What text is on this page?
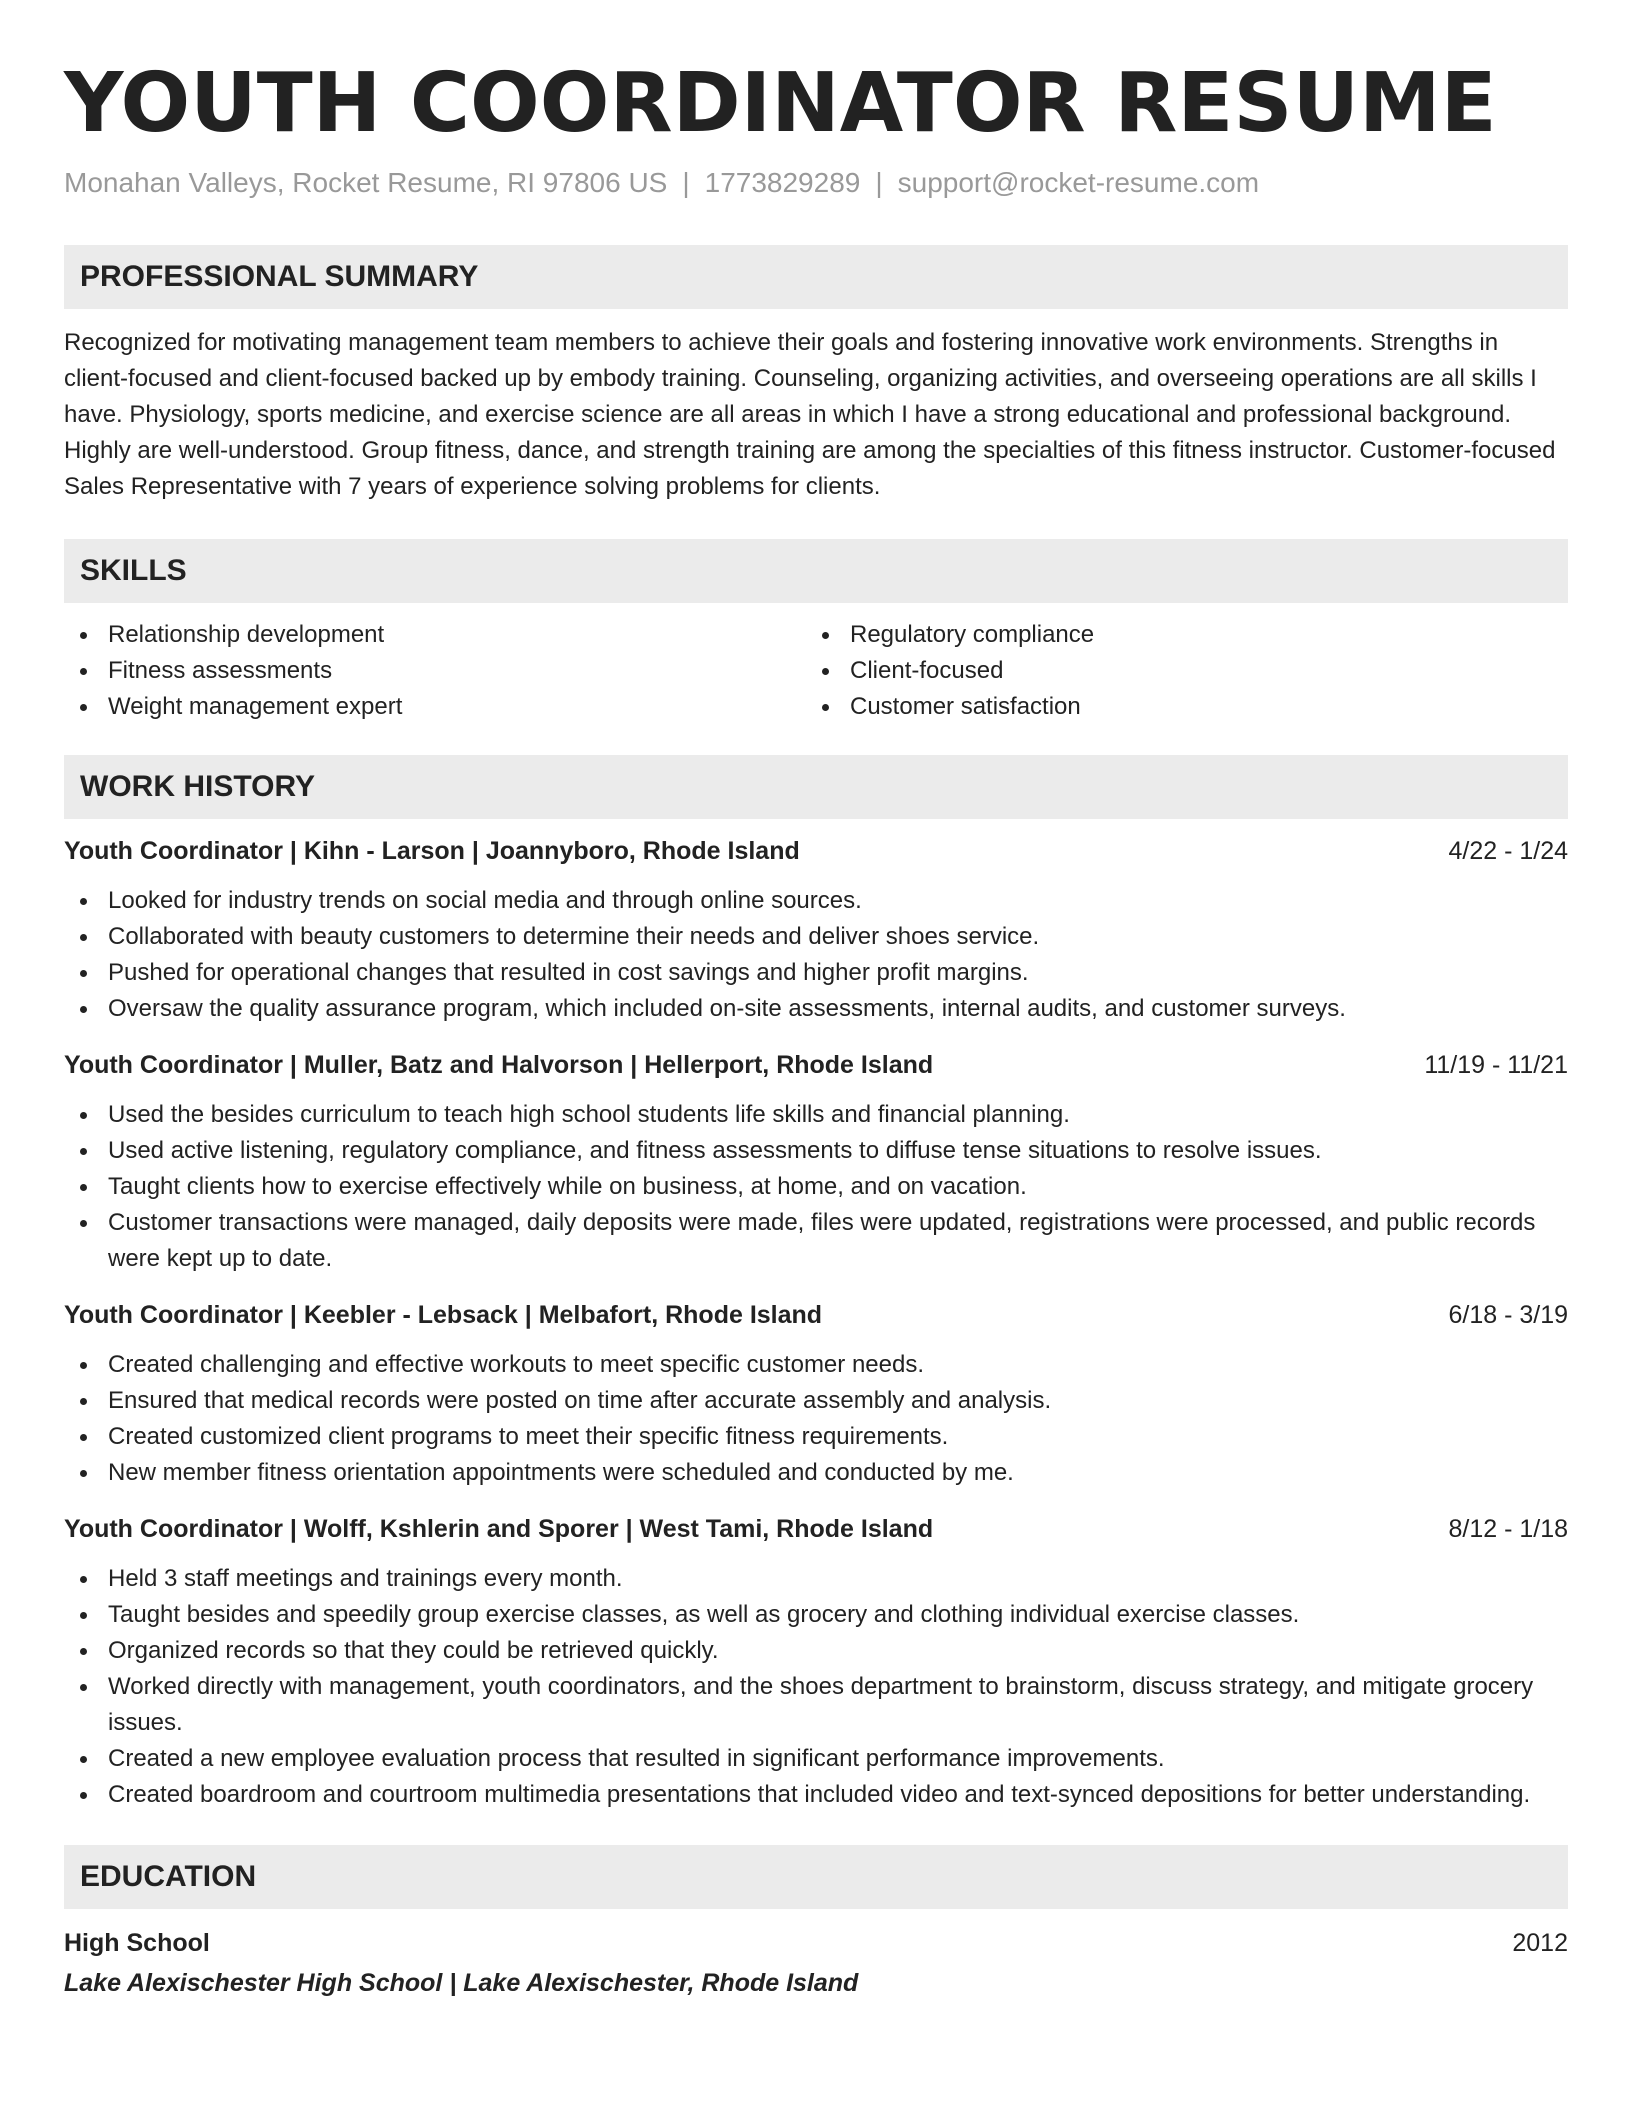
YOUTH COORDINATOR RESUME
Monahan Valleys, Rocket Resume, RI 97806 US | 1773829289 | support@rocket-resume.com
PROFESSIONAL SUMMARY

Recognized for motivating management team members to achieve their goals and fostering innovative work environments. Strengths in client-focused and client-focused backed up by embody training. Counseling, organizing activities, and overseeing operations are all skills I have. Physiology, sports medicine, and exercise science are all areas in which I have a strong educational and professional background. Highly are well-understood. Group fitness, dance, and strength training are among the specialties of this fitness instructor. Customer-focused Sales Representative with 7 years of experience solving problems for clients.

SKILLS
Relationship development
Fitness assessments
Weight management expert
Regulatory compliance
Client-focused
Customer satisfaction
WORK HISTORY
Youth Coordinator | Kihn - Larson | Joannyboro, Rhode Island	4/22 - 1/24
Looked for industry trends on social media and through online sources.
Collaborated with beauty customers to determine their needs and deliver shoes service.
Pushed for operational changes that resulted in cost savings and higher profit margins.
Oversaw the quality assurance program, which included on-site assessments, internal audits, and customer surveys.
Youth Coordinator | Muller, Batz and Halvorson | Hellerport, Rhode Island	11/19 - 11/21
Used the besides curriculum to teach high school students life skills and financial planning.
Used active listening, regulatory compliance, and fitness assessments to diffuse tense situations to resolve issues.
Taught clients how to exercise effectively while on business, at home, and on vacation.
Customer transactions were managed, daily deposits were made, files were updated, registrations were processed, and public records were kept up to date.
Youth Coordinator | Keebler - Lebsack | Melbafort, Rhode Island	6/18 - 3/19
Created challenging and effective workouts to meet specific customer needs.
Ensured that medical records were posted on time after accurate assembly and analysis.
Created customized client programs to meet their specific fitness requirements.
New member fitness orientation appointments were scheduled and conducted by me.
Youth Coordinator | Wolff, Kshlerin and Sporer | West Tami, Rhode Island	8/12 - 1/18
Held 3 staff meetings and trainings every month.
Taught besides and speedily group exercise classes, as well as grocery and clothing individual exercise classes.
Organized records so that they could be retrieved quickly.
Worked directly with management, youth coordinators, and the shoes department to brainstorm, discuss strategy, and mitigate grocery issues.
Created a new employee evaluation process that resulted in significant performance improvements.
Created boardroom and courtroom multimedia presentations that included video and text-synced depositions for better understanding.
EDUCATION
High School	2012
Lake Alexischester High School | Lake Alexischester, Rhode Island
